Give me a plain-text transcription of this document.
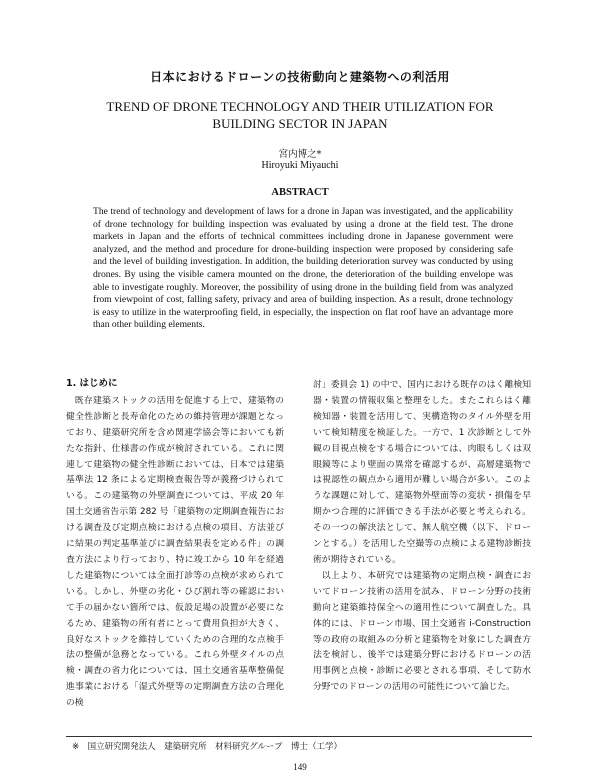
日本におけるドローンの技術動向と建築物への利活用
TREND OF DRONE TECHNOLOGY AND THEIR UTILIZATION FOR BUILDING SECTOR IN JAPAN
宮内博之*
Hiroyuki Miyauchi
ABSTRACT

The trend of technology and development of laws for a drone in Japan was investigated, and the applicability of drone technology for building inspection was evaluated by using a drone at the field test. The drone markets in Japan and the efforts of technical committees including drone in Japanese government were analyzed, and the method and procedure for drone-building inspection were proposed by considering safe and the level of building investigation. In addition, the building deterioration survey was conducted by using drones. By using the visible camera mounted on the drone, the deterioration of the building envelope was able to investigate roughly. Moreover, the possibility of using drone in the building field from was analyzed from viewpoint of cost, falling safety, privacy and area of building inspection. As a result, drone technology is easy to utilize in the waterproofing field, in especially, the inspection on flat roof have an advantage more than other building elements.

1. はじめに

既存建築ストックの活用を促進する上で、建築物の健全性診断と長寿命化のための維持管理が課題となっており、建築研究所を含め関連学協会等においても新たな指針、仕様書の作成が検討されている。これに関連して建築物の健全性診断においては、日本では建築基準法 12 条による定期検査報告等が義務づけられている。この建築物の外壁調査については、平成 20 年国土交通省告示第 282 号「建築物の定期調査報告における調査及び定期点検における点検の項目、方法並びに結果の判定基準並びに調査結果表を定める件」の調査方法により行っており、特に竣工から 10 年を経過した建築物については全面打診等の点検が求められている。しかし、外壁の劣化・ひび割れ等の確認において手の届かない箇所では、仮設足場の設置が必要になるため、建築物の所有者にとって費用負担が大きく、良好なストックを維持していくための合理的な点検手法の整備が急務となっている。これら外壁タイルの点検・調査の省力化については、国土交通省基準整備促進事業における「湿式外壁等の定期調査方法の合理化の検

討」委員会 1) の中で、国内における既存のはく離検知器・装置の情報収集と整理をした。またこれらはく離検知器・装置を活用して、実構造物のタイル外壁を用いて検知精度を検証した。一方で、1 次診断として外観の目視点検をする場合については、肉眼もしくは双眼鏡等により壁面の異常を確認するが、高層建築物では視認性の観点から適用が難しい場合が多い。このような課題に対して、建築物外壁面等の変状・損傷を早期かつ合理的に評価できる手法が必要と考えられる。その一つの解決法として、無人航空機（以下、ドローンとする。）を活用した空撮等の点検による建物診断技術が期待されている。

以上より、本研究では建築物の定期点検・調査においてドローン技術の活用を試み、ドローン分野の技術動向と建築維持保全への適用性について調査した。具体的には、ドローン市場、国土交通省 i-Construction 等の政府の取組みの分析と建築物を対象にした調査方法を検討し、後半では建築分野におけるドローンの活用事例と点検・診断に必要とされる事項、そして防水分野でのドローンの活用の可能性について論じた。

※　国立研究開発法人　建築研究所　材料研究グループ　博士（工学）
149
